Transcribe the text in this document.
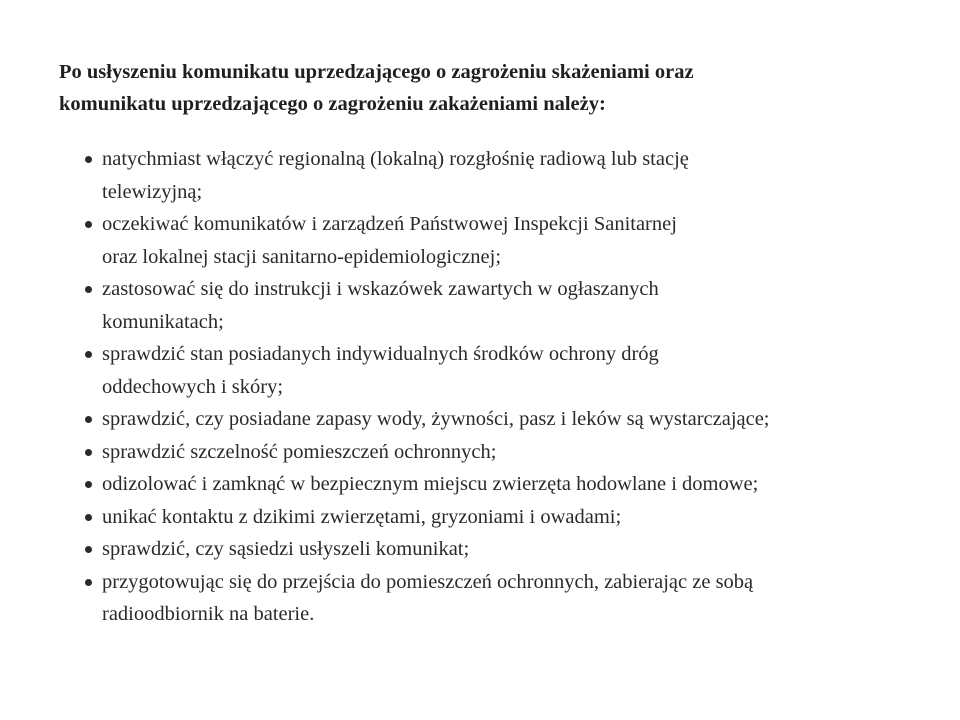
Po usłyszeniu komunikatu uprzedzającego o zagrożeniu skażeniami oraz
komunikatu uprzedzającego o zagrożeniu zakażeniami należy:

natychmiast włączyć regionalną (lokalną) rozgłośnię radiową lub stację
telewizyjną;
oczekiwać komunikatów i zarządzeń Państwowej Inspekcji Sanitarnej
oraz lokalnej stacji sanitarno-epidemiologicznej;
zastosować się do instrukcji i wskazówek zawartych w ogłaszanych
komunikatach;
sprawdzić stan posiadanych indywidualnych środków ochrony dróg
oddechowych i skóry;
sprawdzić, czy posiadane zapasy wody, żywności, pasz i leków są wystarczające;
sprawdzić szczelność pomieszczeń ochronnych;
odizolować i zamknąć w bezpiecznym miejscu zwierzęta hodowlane i domowe;
unikać kontaktu z dzikimi zwierzętami, gryzoniami i owadami;
sprawdzić, czy sąsiedzi usłyszeli komunikat;
przygotowując się do przejścia do pomieszczeń ochronnych, zabierając ze sobą
radioodbiornik na baterie.
